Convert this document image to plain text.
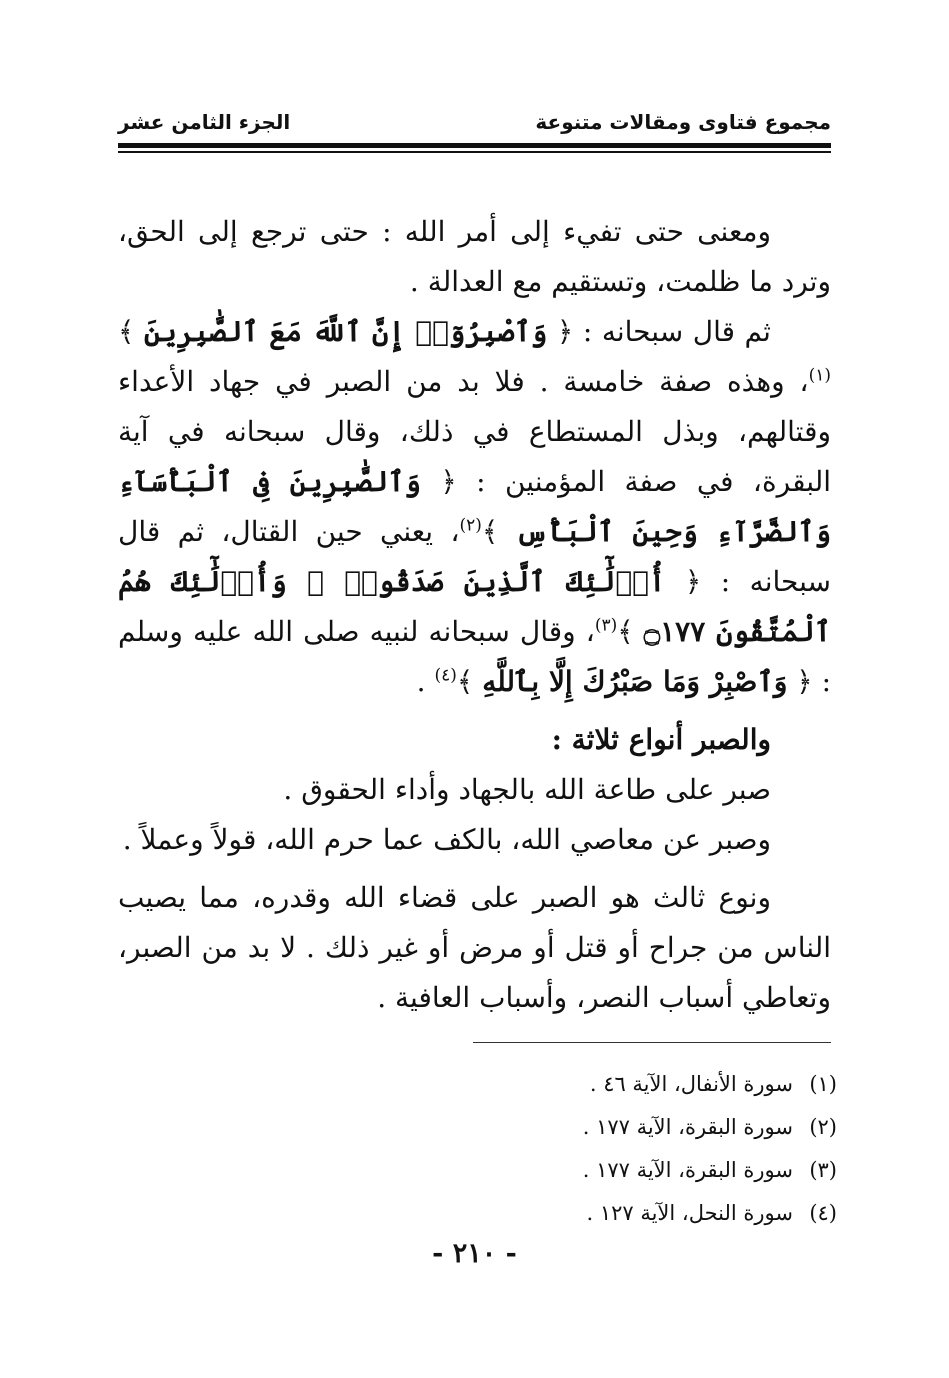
مجموع فتاوى ومقالات متنوعة
الجزء الثامن عشر

ومعنى حتى تفيء إلى أمر الله : حتى ترجع إلى الحق، وترد ما ظلمت، وتستقيم مع العدالة .

ثم قال سبحانه : ﴿ وَٱصْبِرُوٓا۟ إِنَّ ٱللَّهَ مَعَ ٱلصَّٰبِرِينَ ﴾$^{(١)}$، وهذه صفة خامسة . فلا بد من الصبر في جهاد الأعداء وقتالهم، وبذل المستطاع في ذلك، وقال سبحانه في آية البقرة، في صفة المؤمنين : ﴿ وَٱلصَّٰبِرِينَ فِى ٱلْبَأْسَآءِ وَٱلضَّرَّآءِ وَحِينَ ٱلْبَأْسِ ﴾$^{(٢)}$، يعني حين القتال، ثم قال سبحانه : ﴿ أُو۟لَٰٓئِكَ ٱلَّذِينَ صَدَقُوا۟ ۖ وَأُو۟لَٰٓئِكَ هُمُ ٱلْمُتَّقُونَ ۝١٧٧ ﴾$^{(٣)}$، وقال سبحانه لنبيه صلى الله عليه وسلم : ﴿ وَٱصْبِرْ وَمَا صَبْرُكَ إِلَّا بِٱللَّهِ ﴾$^{(٤)}$ .

والصبر أنواع ثلاثة :

صبر على طاعة الله بالجهاد وأداء الحقوق .

وصبر عن معاصي الله، بالكف عما حرم الله، قولاً وعملاً .

ونوع ثالث هو الصبر على قضاء الله وقدره، مما يصيب الناس من جراح أو قتل أو مرض أو غير ذلك . لا بد من الصبر، وتعاطي أسباب النصر، وأسباب العافية .

(١)سورة الأنفال، الآية ٤٦ .
(٢)سورة البقرة، الآية ١٧٧ .
(٣)سورة البقرة، الآية ١٧٧ .
(٤)سورة النحل، الآية ١٢٧ .
- ٢١٠ -
